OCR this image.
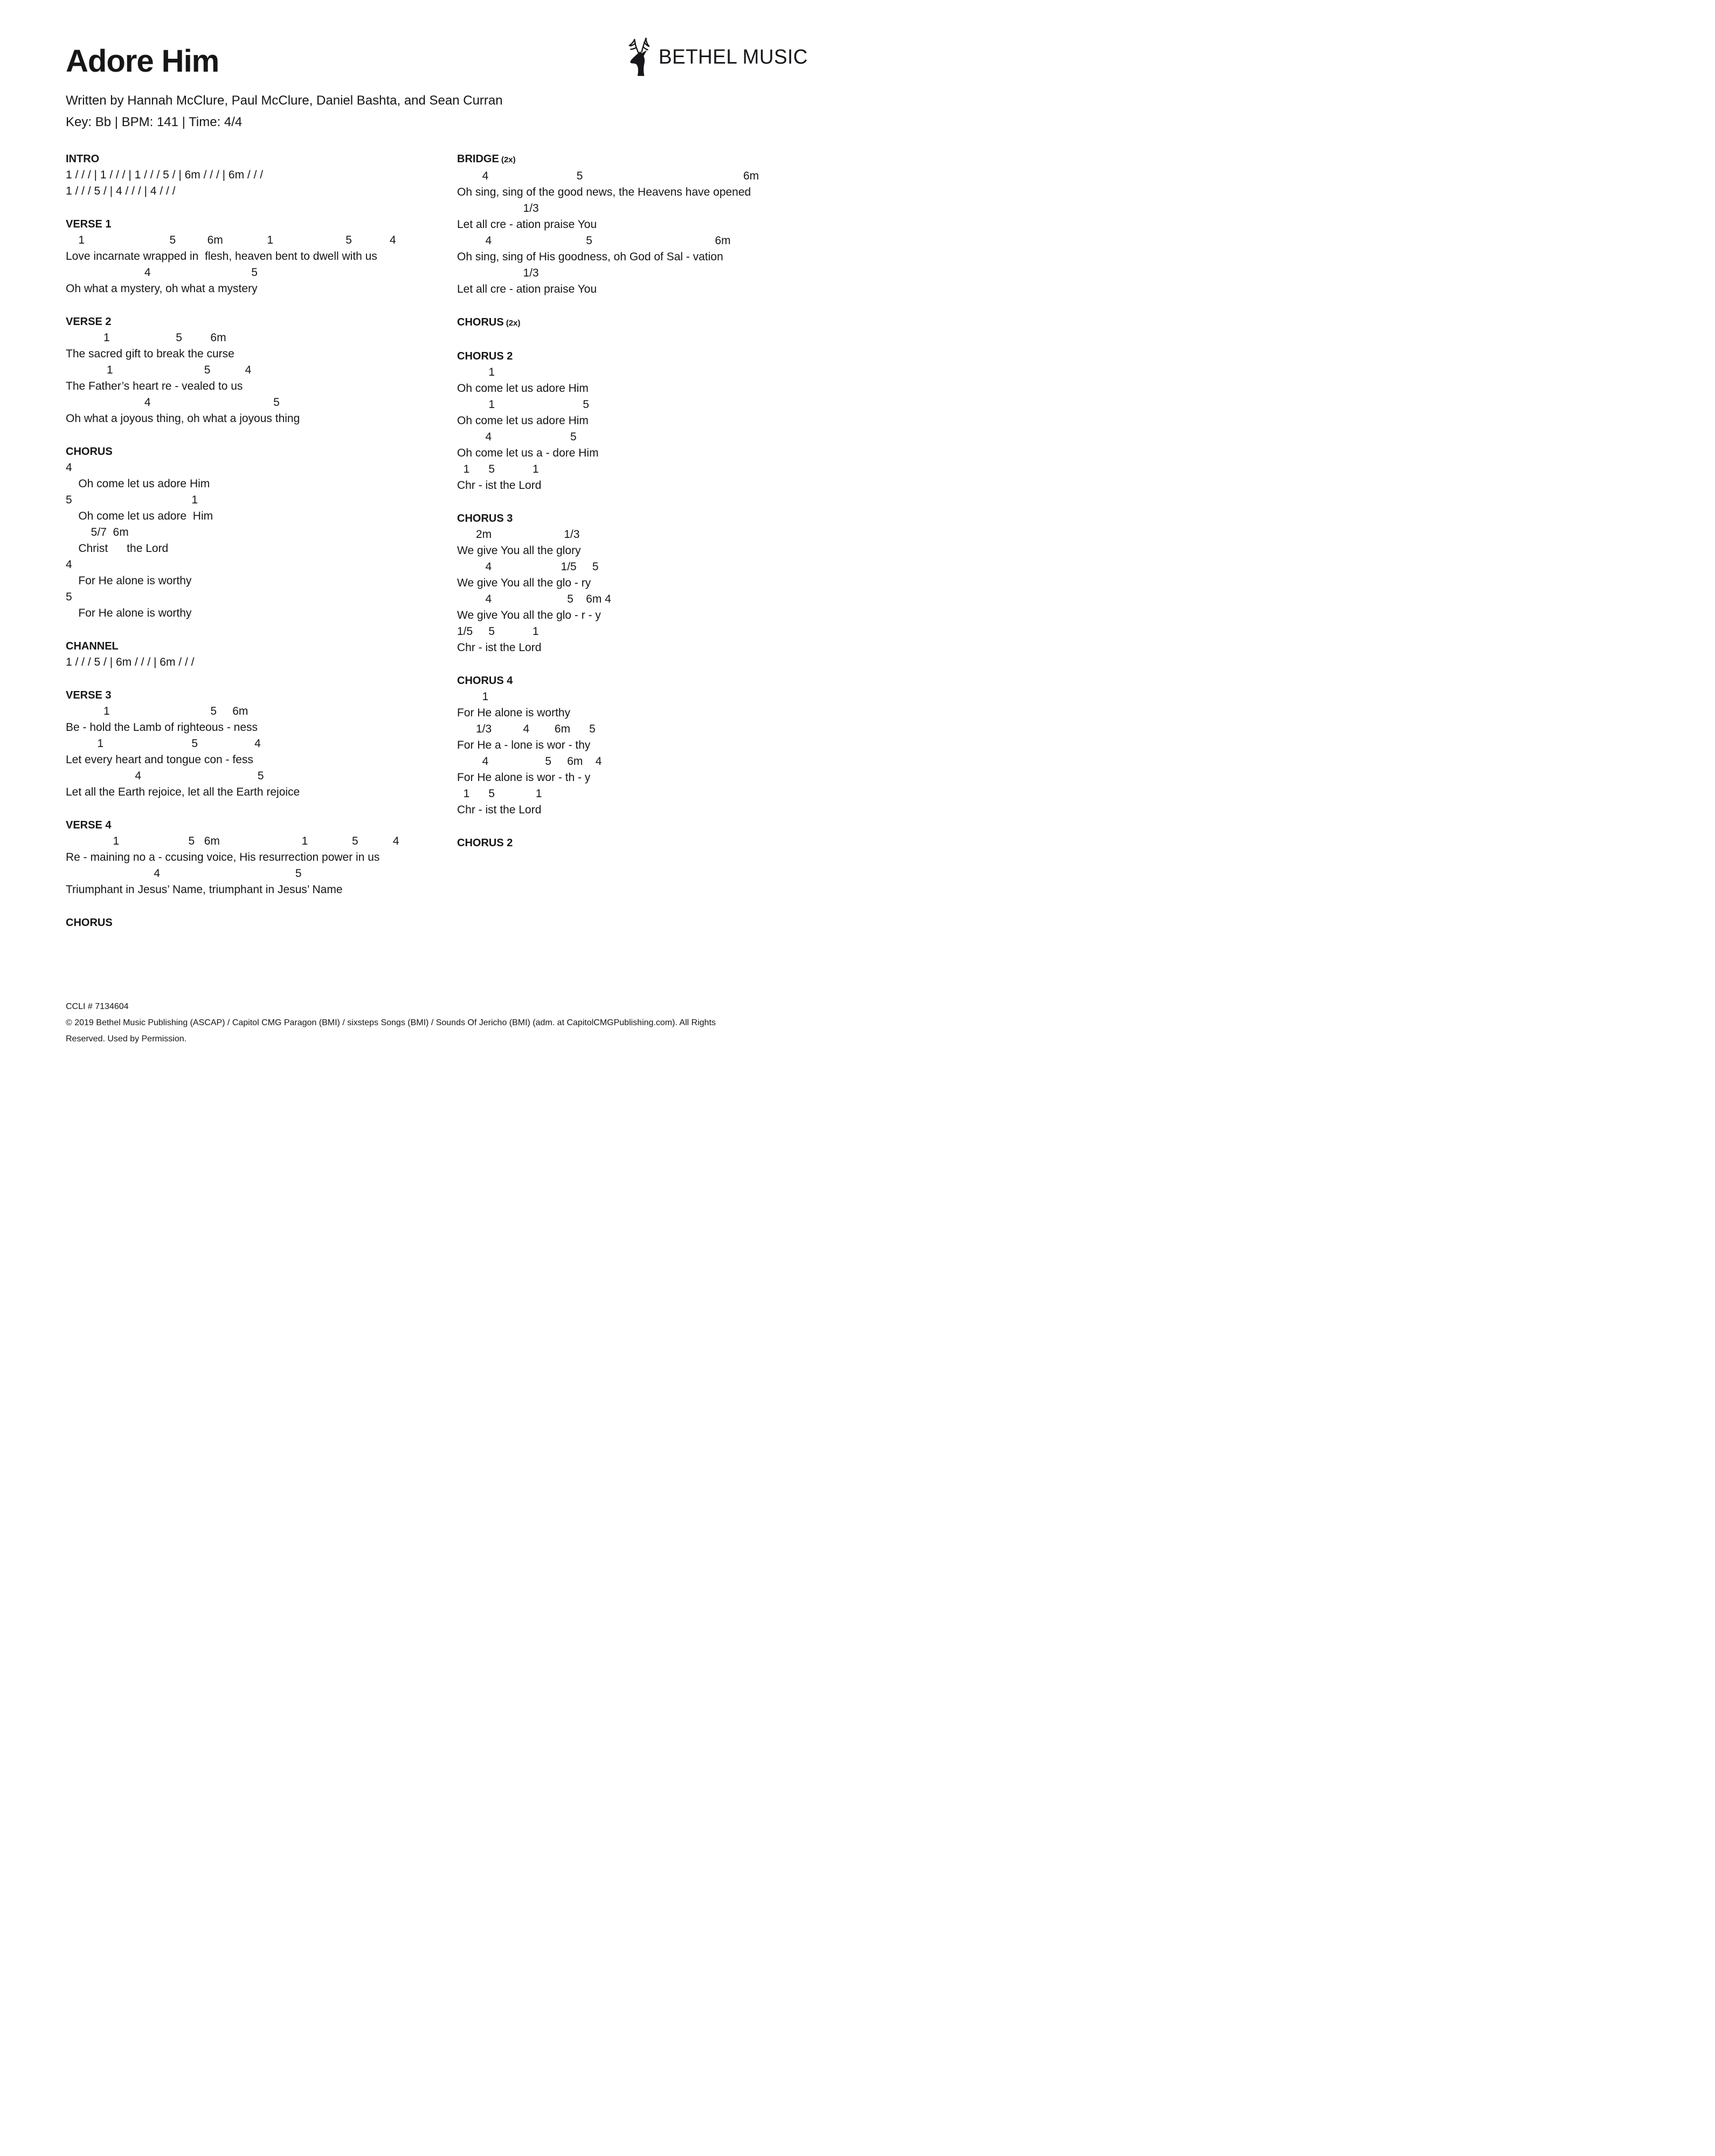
Adore Him
Written by Hannah McClure, Paul McClure, Daniel Bashta, and Sean Curran
Key: Bb | BPM: 141 | Time: 4/4
BETHEL MUSIC
INTRO
1 / / / | 1 / / / | 1 / / / 5 / | 6m / / / | 6m / / /
1 / / / 5 / | 4 / / / | 4 / / /
VERSE 1
1                           5          6m              1                       5            4
Love incarnate wrapped in  flesh, heaven bent to dwell with us
4                                5
Oh what a mystery, oh what a mystery
VERSE 2
1                     5         6m
The sacred gift to break the curse
1                             5           4
The Father’s heart re - vealed to us
4                                       5
Oh what a joyous thing, oh what a joyous thing
CHORUS
4
Oh come let us adore Him
5                                      1
Oh come let us adore  Him
5/7  6m
Christ      the Lord
4
For He alone is worthy
5
For He alone is worthy
CHANNEL
1 / / / 5 / | 6m / / / | 6m / / /
VERSE 3
1                                5     6m
Be - hold the Lamb of righteous - ness
1                            5                  4
Let every heart and tongue con - fess
4                                     5
Let all the Earth rejoice, let all the Earth rejoice
VERSE 4
1                      5   6m                          1              5           4
Re - maining no a - ccusing voice, His resurrection power in us
4                                           5
Triumphant in Jesus’ Name, triumphant in Jesus’ Name
CHORUS
BRIDGE (2x)
4                            5                                                   6m
Oh sing, sing of the good news, the Heavens have opened
1/3
Let all cre - ation praise You
4                              5                                       6m
Oh sing, sing of His goodness, oh God of Sal - vation
1/3
Let all cre - ation praise You
CHORUS (2x)
CHORUS 2
1
Oh come let us adore Him
1                            5
Oh come let us adore Him
4                         5
Oh come let us a - dore Him
1      5            1
Chr - ist the Lord
CHORUS 3
2m                       1/3
We give You all the glory
4                      1/5     5
We give You all the glo - ry
4                        5    6m 4
We give You all the glo - r - y
1/5     5            1
Chr - ist the Lord
CHORUS 4
1
For He alone is worthy
1/3          4        6m      5
For He a - lone is wor - thy
4                  5     6m    4
For He alone is wor - th - y
1      5             1
Chr - ist the Lord
CHORUS 2
CCLI # 7134604
© 2019 Bethel Music Publishing (ASCAP) / Capitol CMG Paragon (BMI) / sixsteps Songs (BMI) / Sounds Of Jericho (BMI) (adm. at CapitolCMGPublishing.com). All Rights
Reserved. Used by Permission.
